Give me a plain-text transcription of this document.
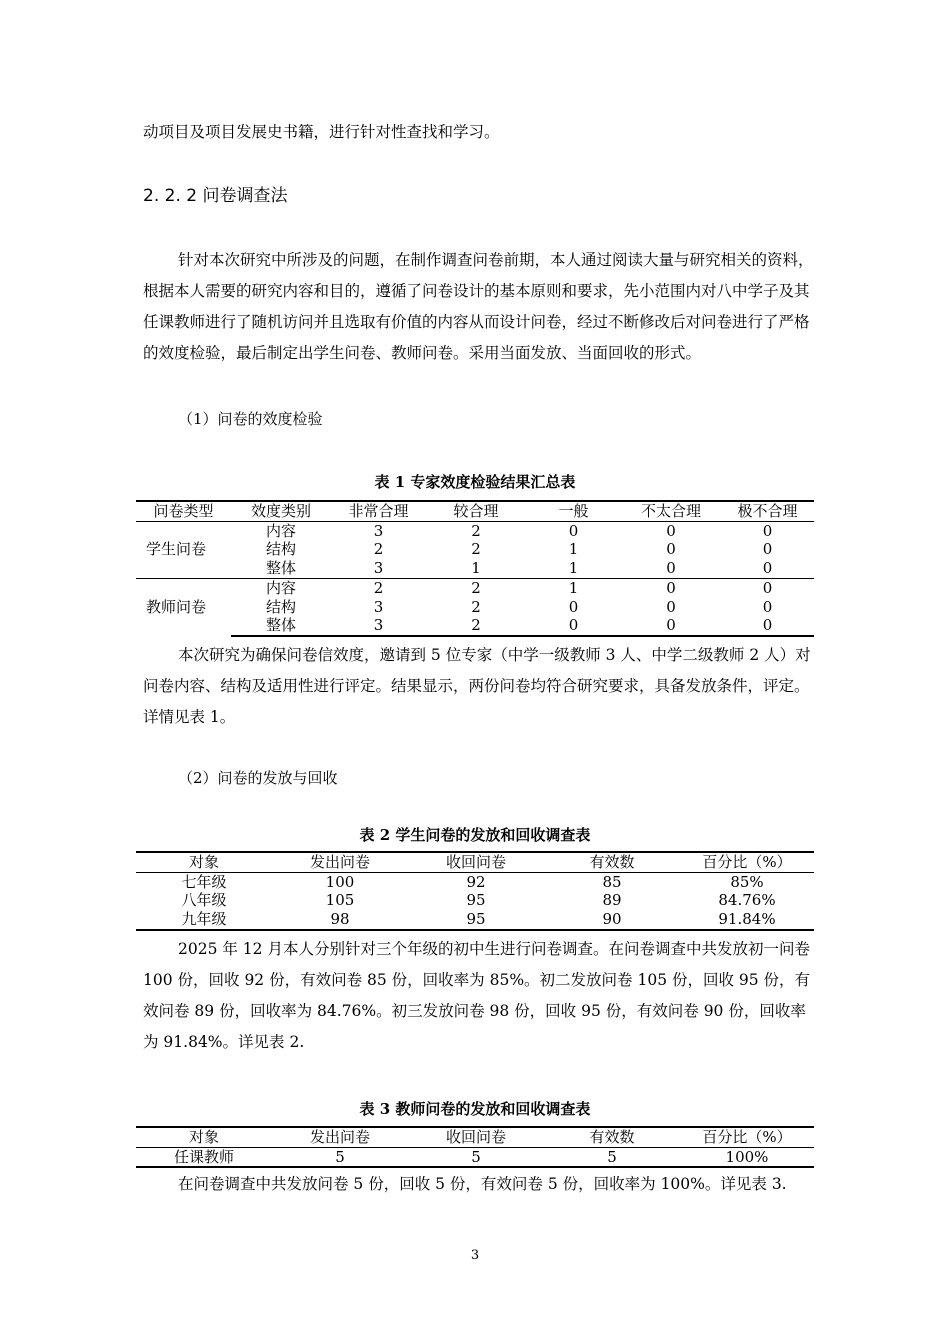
动项目及项目发展史书籍，进行针对性查找和学习。

2. 2. 2 问卷调查法

针对本次研究中所涉及的问题，在制作调查问卷前期，本人通过阅读大量与研究相关的资料，根据本人需要的研究内容和目的，遵循了问卷设计的基本原则和要求，先小范围内对八中学子及其任课教师进行了随机访问并且选取有价值的内容从而设计问卷，经过不断修改后对问卷进行了严格的效度检验，最后制定出学生问卷、教师问卷。采用当面发放、当面回收的形式。

（1）问卷的效度检验
表 1 专家效度检验结果汇总表
问卷类型	效度类别	非常合理	较合理	一般	不太合理	极不合理
学生问卷	内容	3	2	0	0	0
	结构	2	2	1	0	0
	整体	3	1	1	0	0
教师问卷	内容	2	2	1	0	0
	结构	3	2	0	0	0
	整体	3	2	0	0	0

本次研究为确保问卷信效度，邀请到 5 位专家（中学一级教师 3 人、中学二级教师 2 人）对问卷内容、结构及适用性进行评定。结果显示，两份问卷均符合研究要求，具备发放条件，评定。详情见表 1。

（2）问卷的发放与回收
表 2 学生问卷的发放和回收调查表
对象	发出问卷	收回问卷	有效数	百分比（%）
七年级	100	92	85	85%
八年级	105	95	89	84.76%
九年级	98	95	90	91.84%

2025 年 12 月本人分别针对三个年级的初中生进行问卷调查。在问卷调查中共发放初一问卷 100 份，回收 92 份，有效问卷 85 份，回收率为 85%。初二发放问卷 105 份，回收 95 份，有效问卷 89 份，回收率为 84.76%。初三发放问卷 98 份，回收 95 份，有效问卷 90 份，回收率为 91.84%。详见表 2.

表 3 教师问卷的发放和回收调查表
对象	发出问卷	收回问卷	有效数	百分比（%）
任课教师	5	5	5	100%

在问卷调查中共发放问卷 5 份，回收 5 份，有效问卷 5 份，回收率为 100%。详见表 3.

3
